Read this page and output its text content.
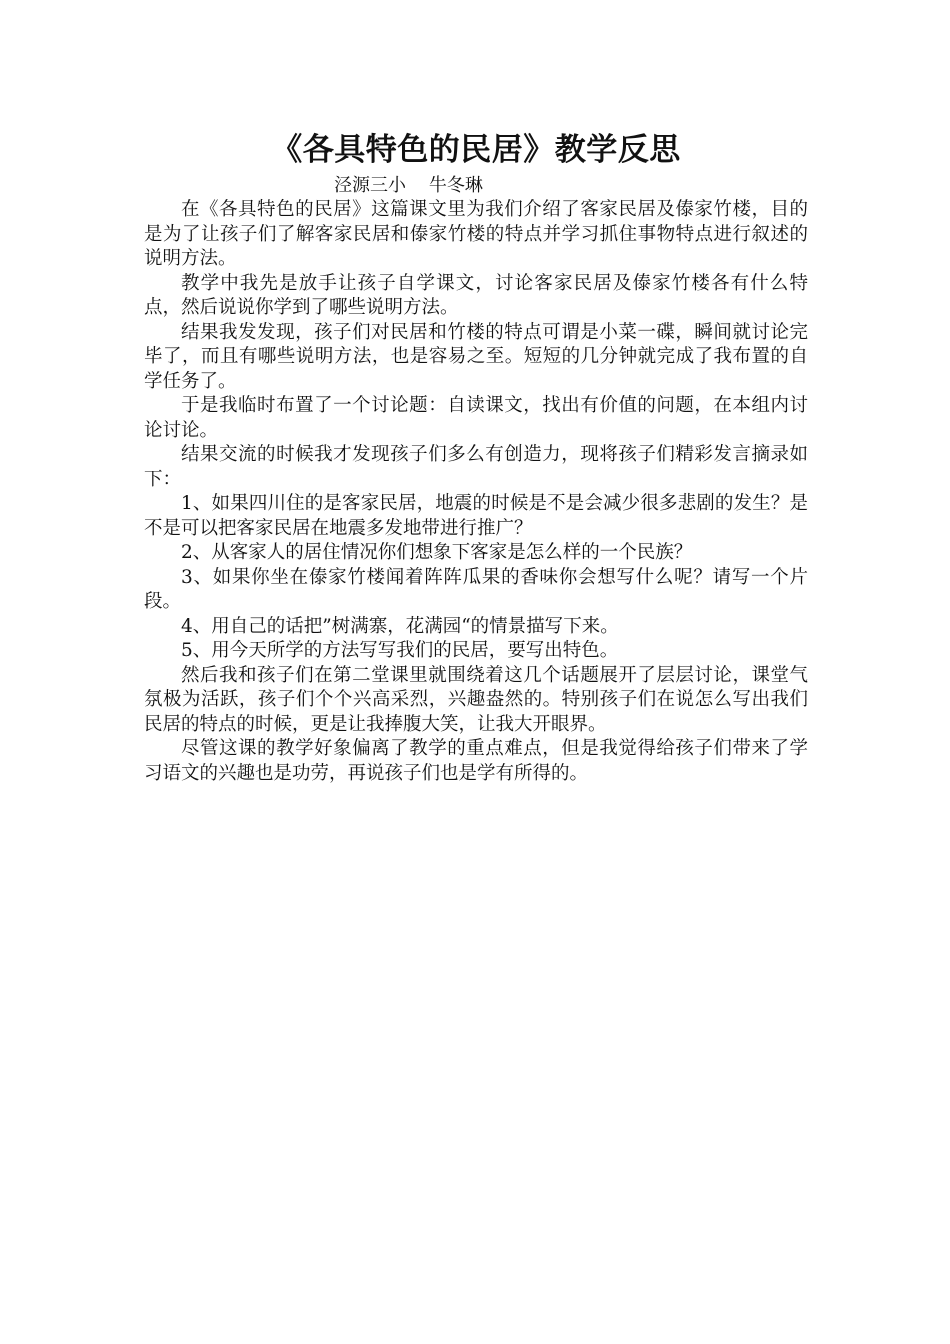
《各具特色的民居》教学反思

泾源三小    牛冬琳

在《各具特色的民居》这篇课文里为我们介绍了客家民居及傣家竹楼，目的是为了让孩子们了解客家民居和傣家竹楼的特点并学习抓住事物特点进行叙述的说明方法。

教学中我先是放手让孩子自学课文，讨论客家民居及傣家竹楼各有什么特点，然后说说你学到了哪些说明方法。

结果我发发现，孩子们对民居和竹楼的特点可谓是小菜一碟，瞬间就讨论完毕了，而且有哪些说明方法，也是容易之至。短短的几分钟就完成了我布置的自学任务了。

于是我临时布置了一个讨论题：自读课文，找出有价值的问题，在本组内讨论讨论。

结果交流的时候我才发现孩子们多么有创造力，现将孩子们精彩发言摘录如下：

1、如果四川住的是客家民居，地震的时候是不是会减少很多悲剧的发生？是不是可以把客家民居在地震多发地带进行推广？

2、从客家人的居住情况你们想象下客家是怎么样的一个民族？

3、如果你坐在傣家竹楼闻着阵阵瓜果的香味你会想写什么呢？请写一个片段。

4、用自己的话把”树满寨，花满园“的情景描写下来。

5、用今天所学的方法写写我们的民居，要写出特色。

然后我和孩子们在第二堂课里就围绕着这几个话题展开了层层讨论，课堂气氛极为活跃，孩子们个个兴高采烈，兴趣盎然的。特别孩子们在说怎么写出我们民居的特点的时候，更是让我捧腹大笑，让我大开眼界。

尽管这课的教学好象偏离了教学的重点难点，但是我觉得给孩子们带来了学习语文的兴趣也是功劳，再说孩子们也是学有所得的。
